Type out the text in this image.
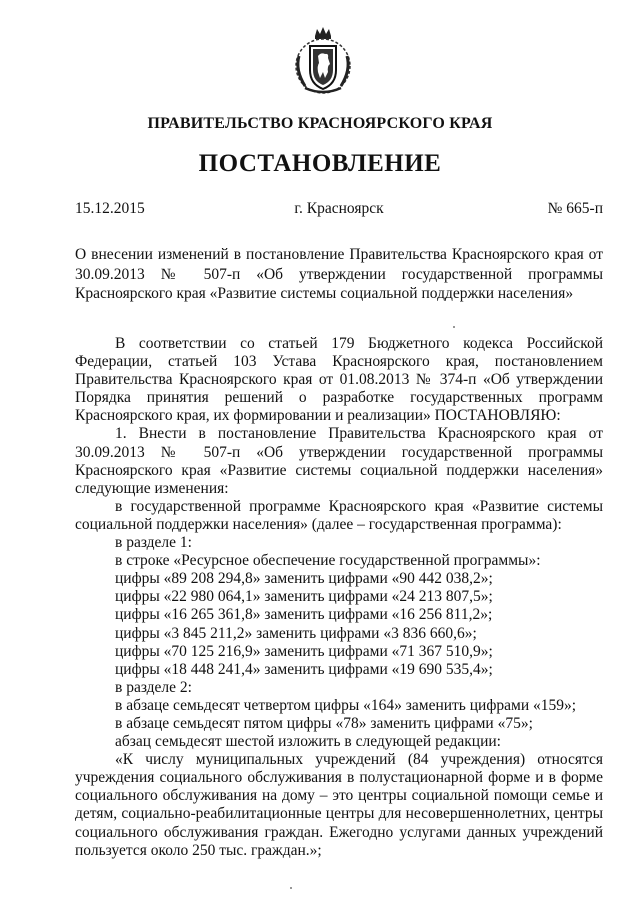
ПРАВИТЕЛЬСТВО КРАСНОЯРСКОГО КРАЯ
ПОСТАНОВЛЕНИЕ
15.12.2015	г. Красноярск	№ 665-п
О внесении изменений в постановление Правительства Красноярского края от 30.09.2013 № 507-п «Об утверждении государственной программы Красноярского края «Развитие системы социальной поддержки населения»

В соответствии со статьей 179 Бюджетного кодекса Российской Федерации, статьей 103 Устава Красноярского края, постановлением Правительства Красноярского края от 01.08.2013 № 374-п «Об утверждении Порядка принятия решений о разработке государственных программ Красноярского края, их формировании и реализации» ПОСТАНОВЛЯЮ:

1. Внести в постановление Правительства Красноярского края от 30.09.2013 № 507-п «Об утверждении государственной программы Красноярского края «Развитие системы социальной поддержки населения» следующие изменения:

в государственной программе Красноярского края «Развитие системы социальной поддержки населения» (далее – государственная программа):

в разделе 1:

в строке «Ресурсное обеспечение государственной программы»:

цифры «89 208 294,8» заменить цифрами «90 442 038,2»;

цифры «22 980 064,1» заменить цифрами «24 213 807,5»;

цифры «16 265 361,8» заменить цифрами «16 256 811,2»;

цифры «3 845 211,2» заменить цифрами «3 836 660,6»;

цифры «70 125 216,9» заменить цифрами «71 367 510,9»;

цифры «18 448 241,4» заменить цифрами «19 690 535,4»;

в разделе 2:

в абзаце семьдесят четвертом цифры «164» заменить цифрами «159»;

в абзаце семьдесят пятом цифры «78» заменить цифрами «75»;

абзац семьдесят шестой изложить в следующей редакции:

«К числу муниципальных учреждений (84 учреждения) относятся учреждения социального обслуживания в полустационарной форме и в форме социального обслуживания на дому – это центры социальной помощи семье и детям, социально-реабилитационные центры для несовершеннолетних, центры социального обслуживания граждан. Ежегодно услугами данных учреждений пользуется около 250 тыс. граждан.»;
